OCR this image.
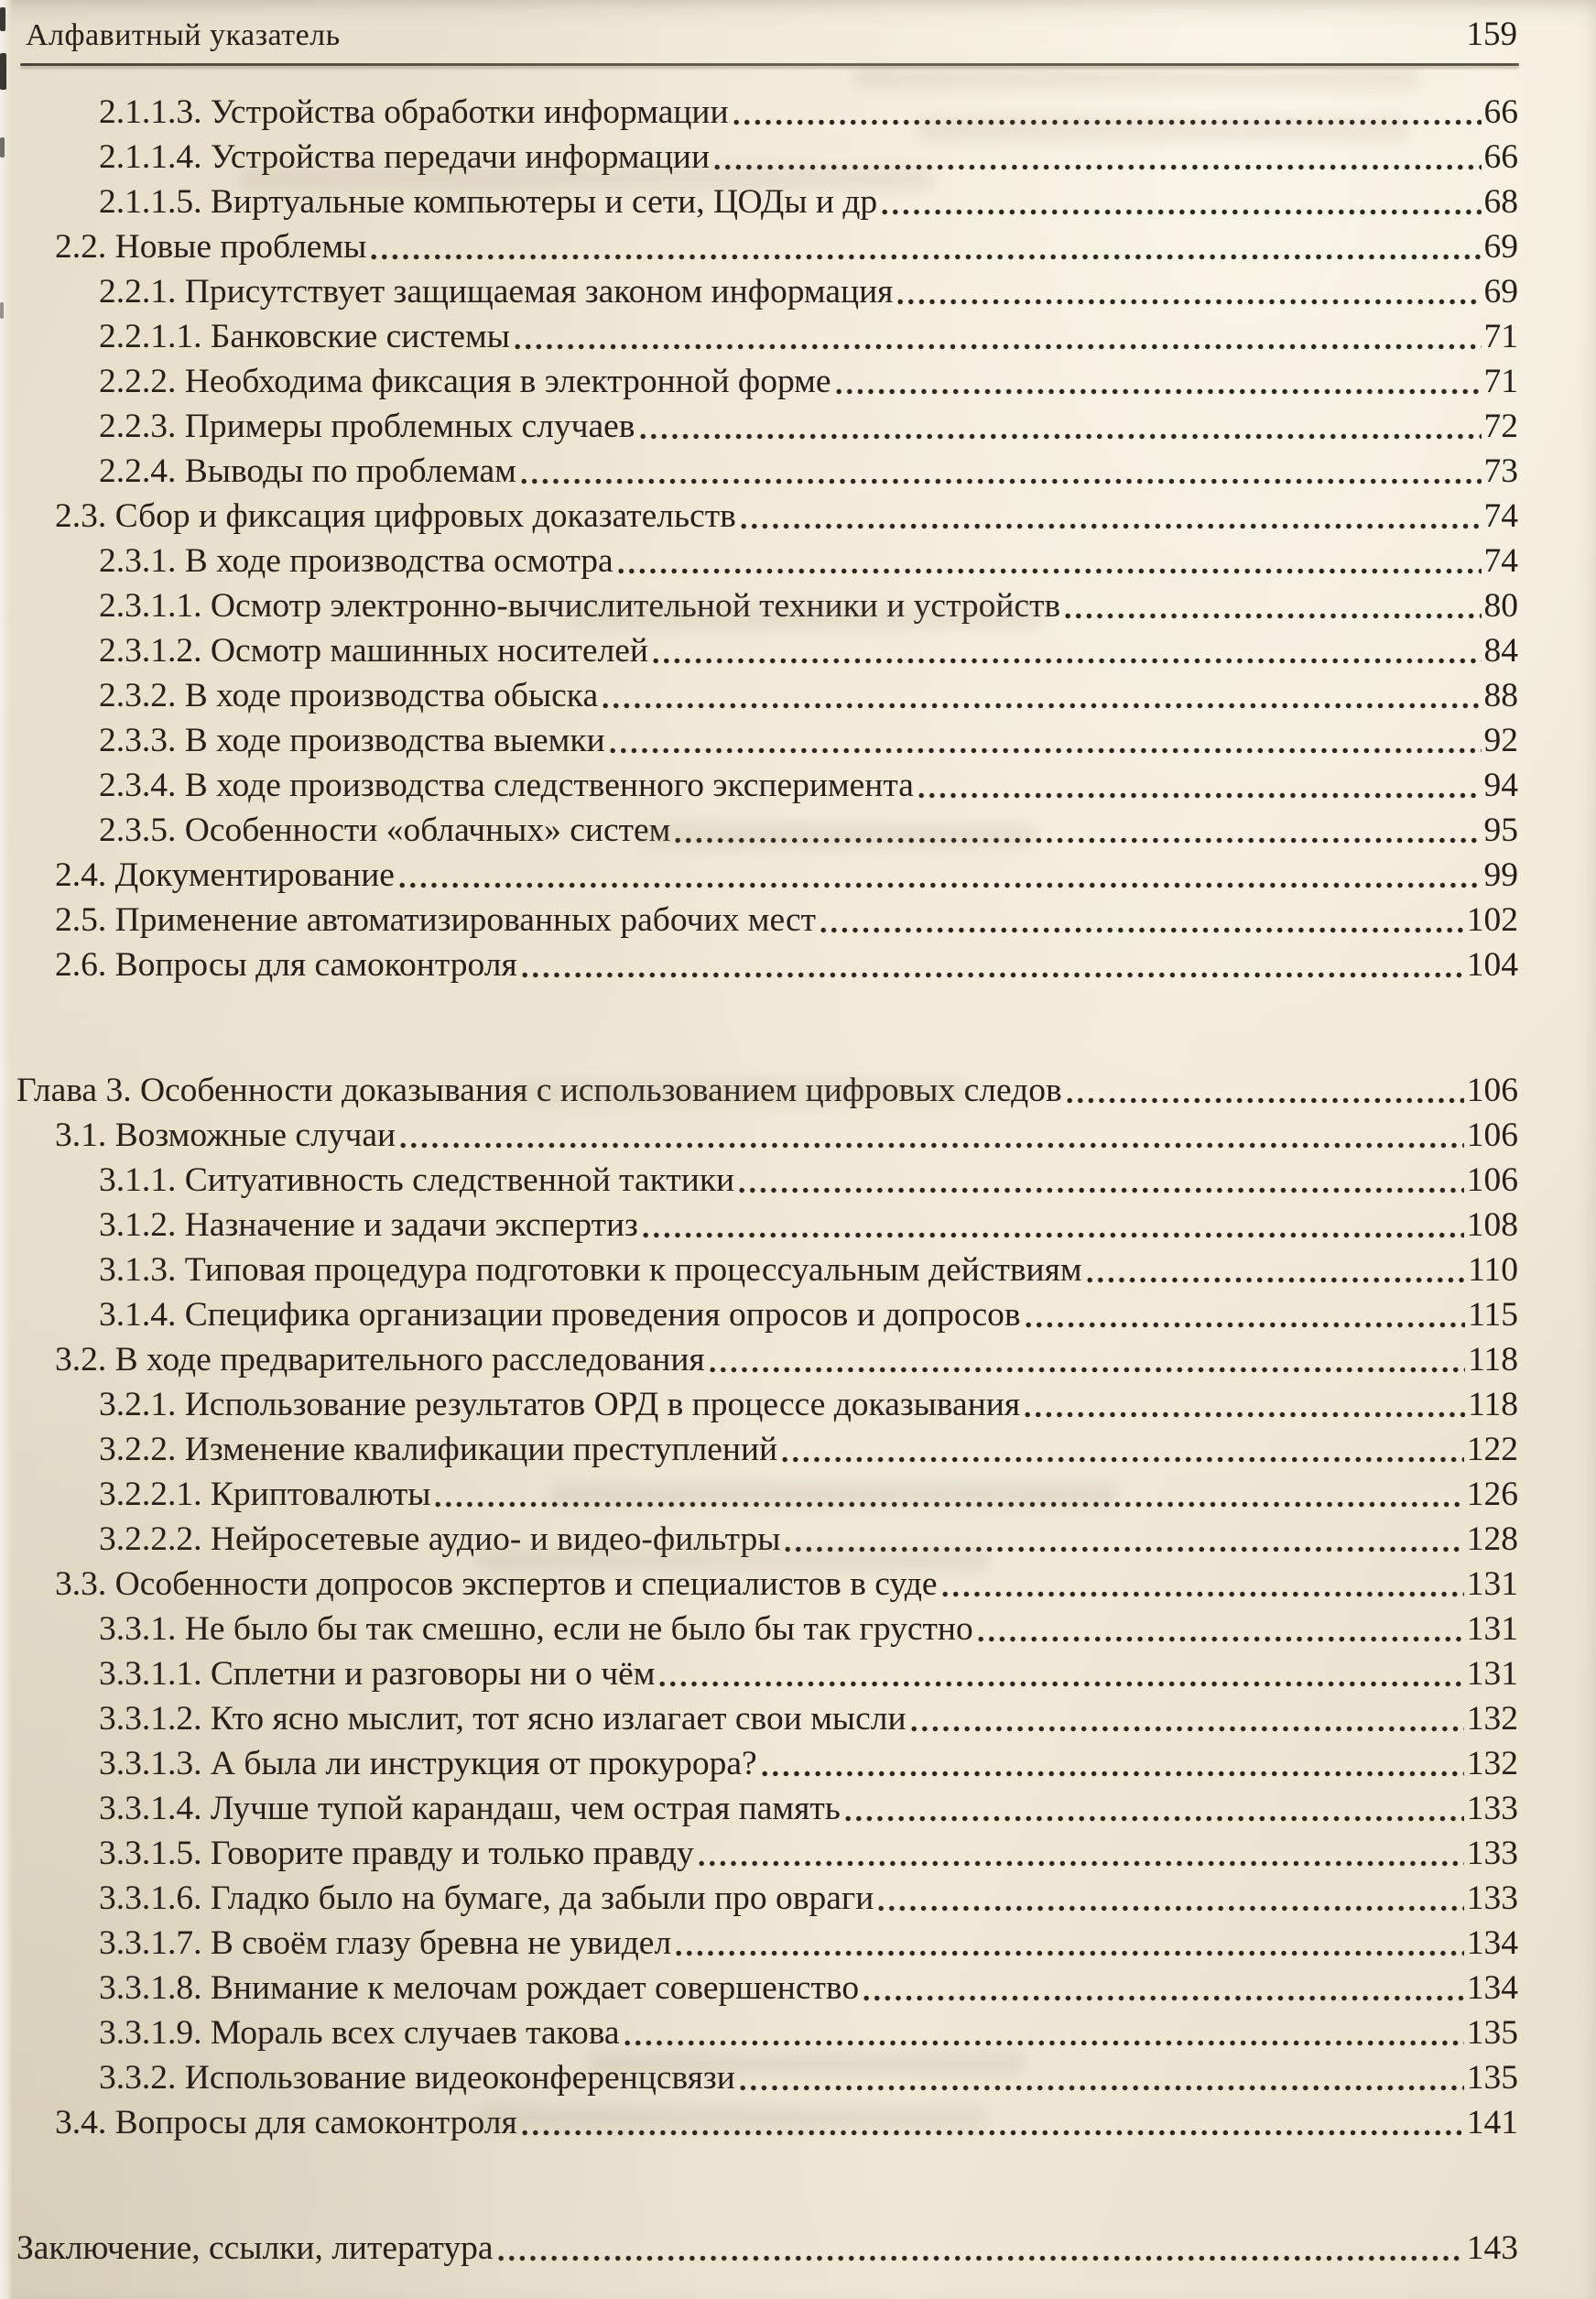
Алфавитный указатель	159
2.1.1.3. Устройства обработки информации	66
2.1.1.4. Устройства передачи информации	66
2.1.1.5. Виртуальные компьютеры и сети, ЦОДы и др	68
2.2. Новые проблемы	69
2.2.1. Присутствует защищаемая законом информация	69
2.2.1.1. Банковские системы	71
2.2.2. Необходима фиксация в электронной форме	71
2.2.3. Примеры проблемных случаев	72
2.2.4. Выводы по проблемам	73
2.3. Сбор и фиксация цифровых доказательств	74
2.3.1. В ходе производства осмотра	74
2.3.1.1. Осмотр электронно-вычислительной техники и устройств	80
2.3.1.2. Осмотр машинных носителей	84
2.3.2. В ходе производства обыска	88
2.3.3. В ходе производства выемки	92
2.3.4. В ходе производства следственного эксперимента	94
2.3.5. Особенности «облачных» систем	95
2.4. Документирование	99
2.5. Применение автоматизированных рабочих мест	102
2.6. Вопросы для самоконтроля	104
Глава 3. Особенности доказывания с использованием цифровых следов	106
3.1. Возможные случаи	106
3.1.1. Ситуативность следственной тактики	106
3.1.2. Назначение и задачи экспертиз	108
3.1.3. Типовая процедура подготовки к процессуальным действиям	110
3.1.4. Специфика организации проведения опросов и допросов	115
3.2. В ходе предварительного расследования	118
3.2.1. Использование результатов ОРД в процессе доказывания	118
3.2.2. Изменение квалификации преступлений	122
3.2.2.1. Криптовалюты	126
3.2.2.2. Нейросетевые аудио- и видео-фильтры	128
3.3. Особенности допросов экспертов и специалистов в суде	131
3.3.1. Не было бы так смешно, если не было бы так грустно	131
3.3.1.1. Сплетни и разговоры ни о чём	131
3.3.1.2. Кто ясно мыслит, тот ясно излагает свои мысли	132
3.3.1.3. А была ли инструкция от прокурора?	132
3.3.1.4. Лучше тупой карандаш, чем острая память	133
3.3.1.5. Говорите правду и только правду	133
3.3.1.6. Гладко было на бумаге, да забыли про овраги	133
3.3.1.7. В своём глазу бревна не увидел	134
3.3.1.8. Внимание к мелочам рождает совершенство	134
3.3.1.9. Мораль всех случаев такова	135
3.3.2. Использование видеоконференцсвязи	135
3.4. Вопросы для самоконтроля	141
Заключение, ссылки, литература	143
